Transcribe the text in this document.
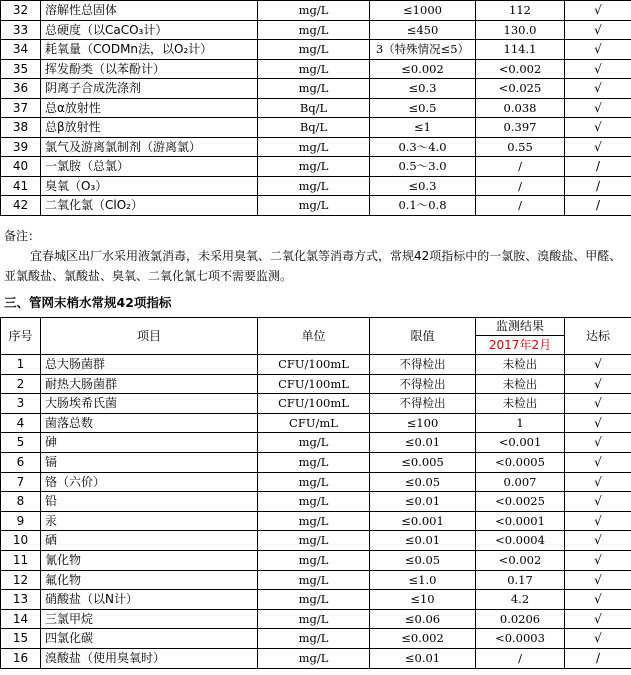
32	溶解性总固体	mg/L	≤1000	112	√
33	总硬度（以CaCO₃计）	mg/L	≤450	130.0	√
34	耗氧量（CODMn法，以O₂计）	mg/L	3（特殊情况≤5）	114.1	√
35	挥发酚类（以苯酚计）	mg/L	≤0.002	<0.002	√
36	阴离子合成洗涤剂	mg/L	≤0.3	<0.025	√
37	总α放射性	Bq/L	≤0.5	0.038	√
38	总β放射性	Bq/L	≤1	0.397	√
39	氯气及游离氯制剂（游离氯）	mg/L	0.3～4.0	0.55	√
40	一氯胺（总氯）	mg/L	0.5～3.0	/	/
41	臭氧（O₃）	mg/L	≤0.3	/	/
42	二氧化氯（ClO₂）	mg/L	0.1～0.8	/	/
备注：
宜春城区出厂水采用液氯消毒，未采用臭氧、二氧化氯等消毒方式，常规42项指标中的一氯胺、溴酸盐、甲醛、亚氯酸盐、氯酸盐、臭氧、二氧化氯七项不需要监测。
三、管网末梢水常规42项指标
序号	项目	单位	限值	监测结果	达标
				2017年2月	
1	总大肠菌群	CFU/100mL	不得检出	未检出	√
2	耐热大肠菌群	CFU/100mL	不得检出	未检出	√
3	大肠埃希氏菌	CFU/100mL	不得检出	未检出	√
4	菌落总数	CFU/mL	≤100	1	√
5	砷	mg/L	≤0.01	<0.001	√
6	镉	mg/L	≤0.005	<0.0005	√
7	铬（六价）	mg/L	≤0.05	0.007	√
8	铅	mg/L	≤0.01	<0.0025	√
9	汞	mg/L	≤0.001	<0.0001	√
10	硒	mg/L	≤0.01	<0.0004	√
11	氰化物	mg/L	≤0.05	<0.002	√
12	氟化物	mg/L	≤1.0	0.17	√
13	硝酸盐（以N计）	mg/L	≤10	4.2	√
14	三氯甲烷	mg/L	≤0.06	0.0206	√
15	四氯化碳	mg/L	≤0.002	<0.0003	√
16	溴酸盐（使用臭氧时）	mg/L	≤0.01	/	/
